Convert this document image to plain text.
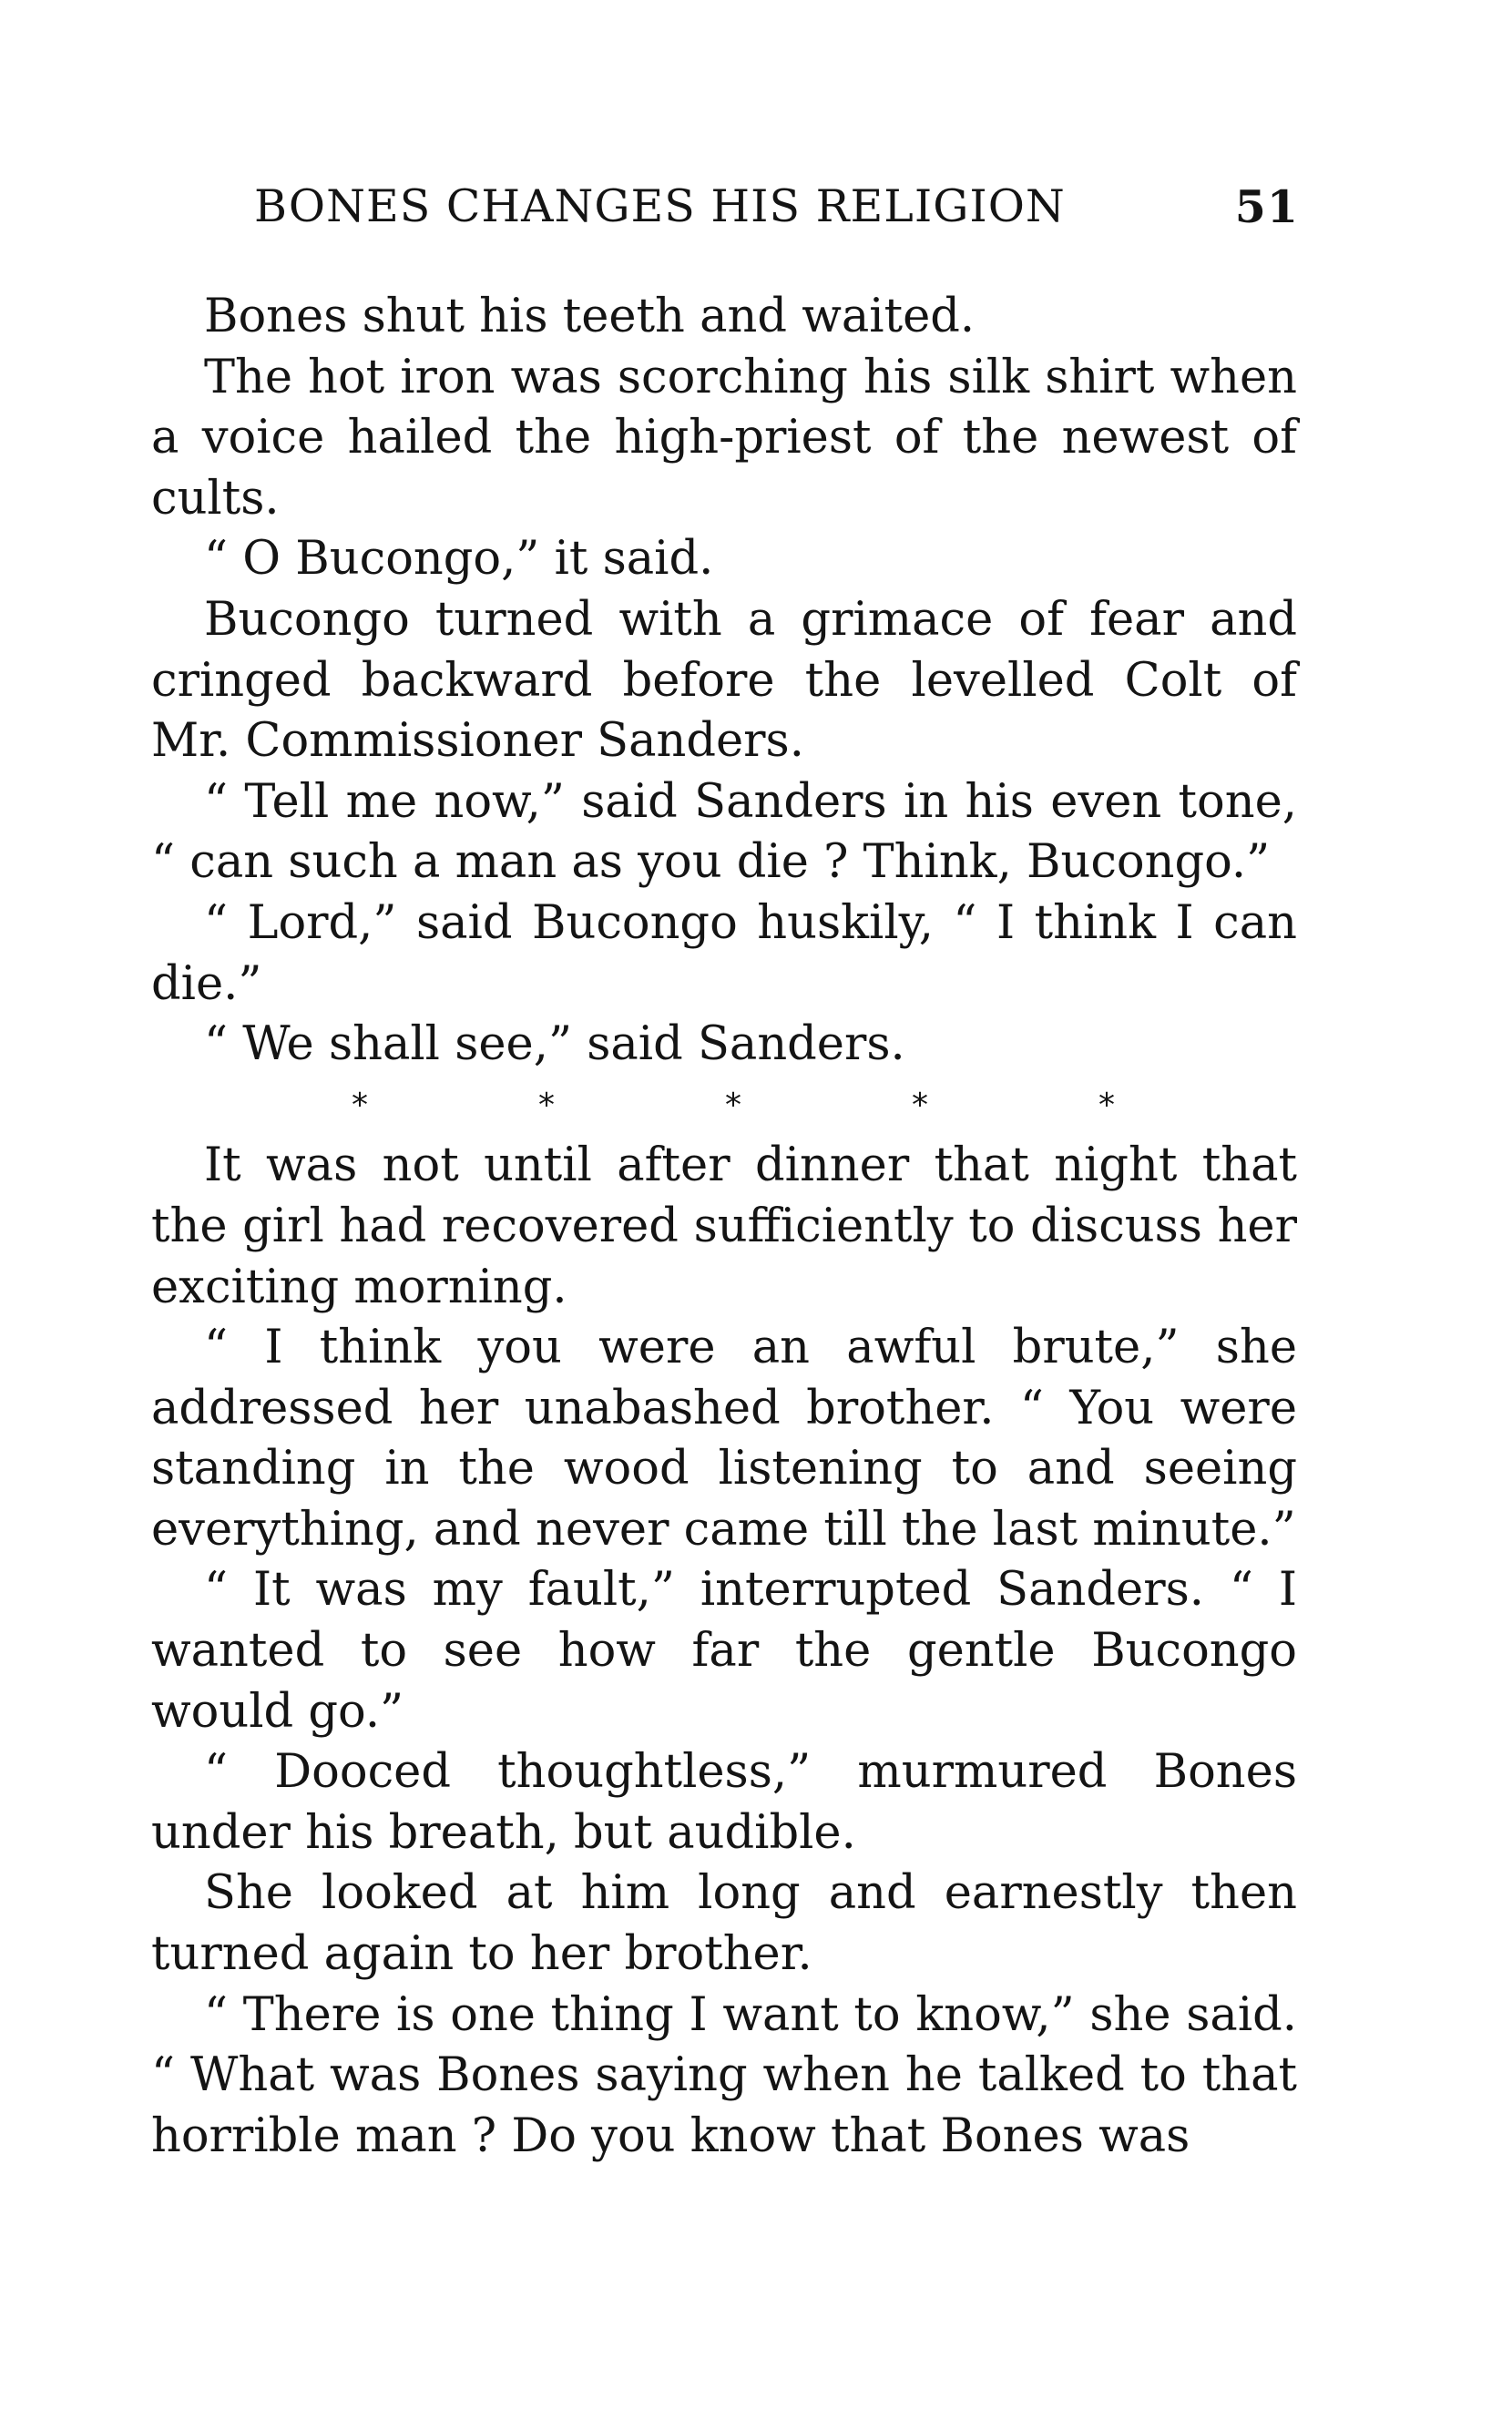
BONES CHANGES HIS RELIGION	51

Bones shut his teeth and waited.

The hot iron was scorching his silk shirt when a voice hailed the high-priest of the newest of cults.

“ O Bucongo,” it said.

Bucongo turned with a grimace of fear and cringed backward before the levelled Colt of Mr. Commissioner Sanders.

“ Tell me now,” said Sanders in his even tone, “ can such a man as you die ? Think, Bucongo.”

“ Lord,” said Bucongo huskily, “ I think I can die.”

“ We shall see,” said Sanders.

*	*	*	*	*

It was not until after dinner that night that the girl had recovered sufficiently to discuss her exciting morning.

“ I think you were an awful brute,” she addressed her unabashed brother. “ You were standing in the wood listening to and seeing everything, and never came till the last minute.”

“ It was my fault,” interrupted Sanders. “ I wanted to see how far the gentle Bucongo would go.”

“ Dooced thoughtless,” murmured Bones under his breath, but audible.

She looked at him long and earnestly then turned again to her brother.

“ There is one thing I want to know,” she said. “ What was Bones saying when he talked to that horrible man ? Do you know that Bones was
